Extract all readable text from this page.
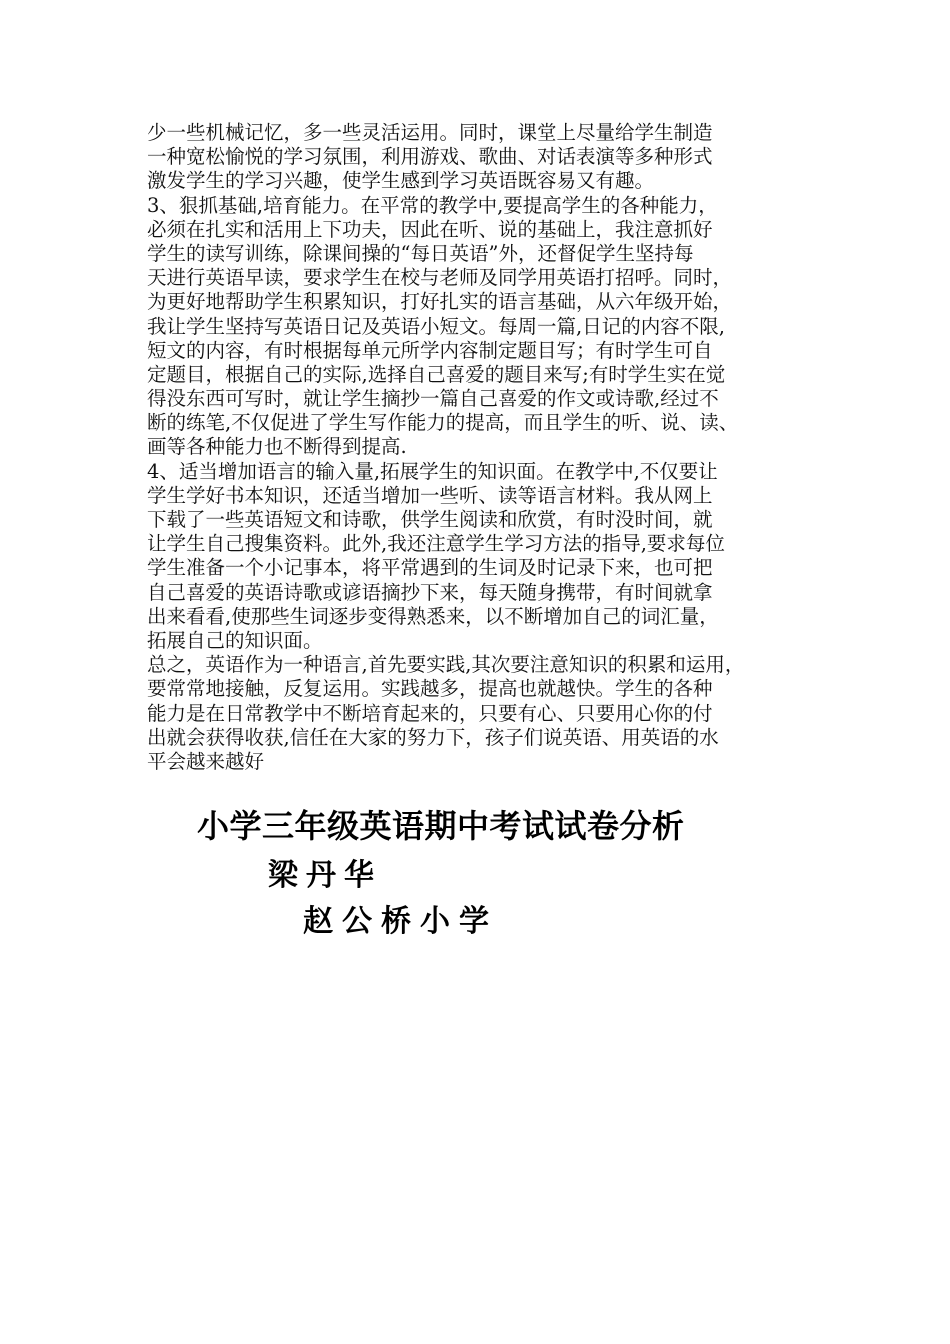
少一些机械记忆，多一些灵活运用。同时，课堂上尽量给学生制造
一种宽松愉悦的学习氛围，利用游戏、歌曲、对话表演等多种形式
激发学生的学习兴趣，使学生感到学习英语既容易又有趣。
3、狠抓基础,培育能力。在平常的教学中,要提高学生的各种能力，
必须在扎实和活用上下功夫，因此在听、说的基础上，我注意抓好
学生的读写训练，除课间操的“每日英语”外，还督促学生坚持每
天进行英语早读，要求学生在校与老师及同学用英语打招呼。同时，
为更好地帮助学生积累知识，打好扎实的语言基础，从六年级开始，
我让学生坚持写英语日记及英语小短文。每周一篇,日记的内容不限,
短文的内容，有时根据每单元所学内容制定题目写；有时学生可自
定题目，根据自己的实际,选择自己喜爱的题目来写;有时学生实在觉
得没东西可写时，就让学生摘抄一篇自己喜爱的作文或诗歌,经过不
断的练笔,不仅促进了学生写作能力的提高，而且学生的听、说、读、
画等各种能力也不断得到提高.
4、适当增加语言的输入量,拓展学生的知识面。在教学中,不仅要让
学生学好书本知识，还适当增加一些听、读等语言材料。我从网上
下载了一些英语短文和诗歌，供学生阅读和欣赏，有时没时间，就
让学生自己搜集资料。此外,我还注意学生学习方法的指导,要求每位
学生准备一个小记事本，将平常遇到的生词及时记录下来，也可把
自己喜爱的英语诗歌或谚语摘抄下来，每天随身携带，有时间就拿
出来看看,使那些生词逐步变得熟悉来，以不断增加自己的词汇量，
拓展自己的知识面。
总之，英语作为一种语言,首先要实践,其次要注意知识的积累和运用，
要常常地接触，反复运用。实践越多，提高也就越快。学生的各种
能力是在日常教学中不断培育起来的，只要有心、只要用心你的付
出就会获得收获,信任在大家的努力下，孩子们说英语、用英语的水
平会越来越好
小学三年级英语期中考试试卷分析
梁丹华
赵公桥小学
